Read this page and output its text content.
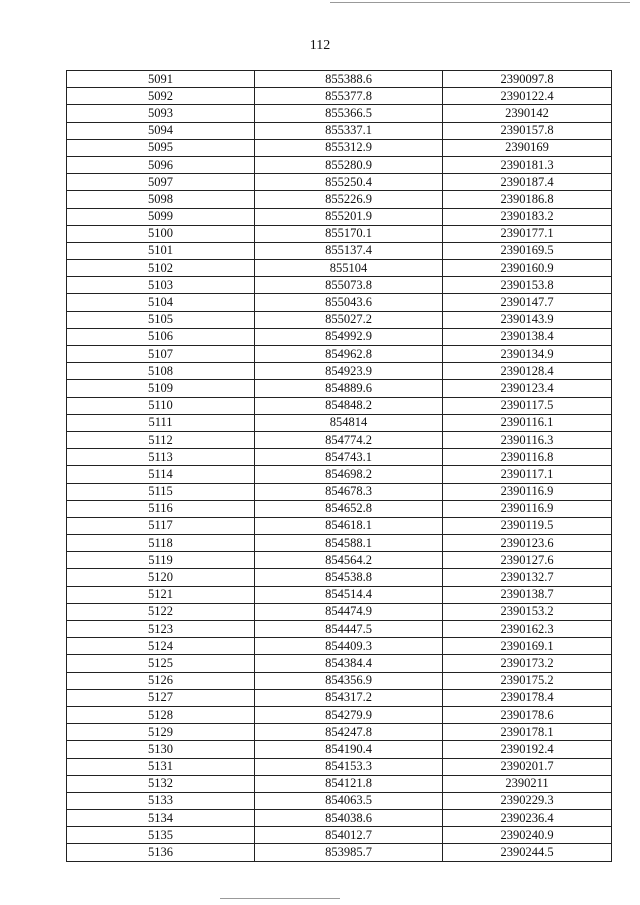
112
5091	855388.6	2390097.8
5092	855377.8	2390122.4
5093	855366.5	2390142
5094	855337.1	2390157.8
5095	855312.9	2390169
5096	855280.9	2390181.3
5097	855250.4	2390187.4
5098	855226.9	2390186.8
5099	855201.9	2390183.2
5100	855170.1	2390177.1
5101	855137.4	2390169.5
5102	855104	2390160.9
5103	855073.8	2390153.8
5104	855043.6	2390147.7
5105	855027.2	2390143.9
5106	854992.9	2390138.4
5107	854962.8	2390134.9
5108	854923.9	2390128.4
5109	854889.6	2390123.4
5110	854848.2	2390117.5
5111	854814	2390116.1
5112	854774.2	2390116.3
5113	854743.1	2390116.8
5114	854698.2	2390117.1
5115	854678.3	2390116.9
5116	854652.8	2390116.9
5117	854618.1	2390119.5
5118	854588.1	2390123.6
5119	854564.2	2390127.6
5120	854538.8	2390132.7
5121	854514.4	2390138.7
5122	854474.9	2390153.2
5123	854447.5	2390162.3
5124	854409.3	2390169.1
5125	854384.4	2390173.2
5126	854356.9	2390175.2
5127	854317.2	2390178.4
5128	854279.9	2390178.6
5129	854247.8	2390178.1
5130	854190.4	2390192.4
5131	854153.3	2390201.7
5132	854121.8	2390211
5133	854063.5	2390229.3
5134	854038.6	2390236.4
5135	854012.7	2390240.9
5136	853985.7	2390244.5
